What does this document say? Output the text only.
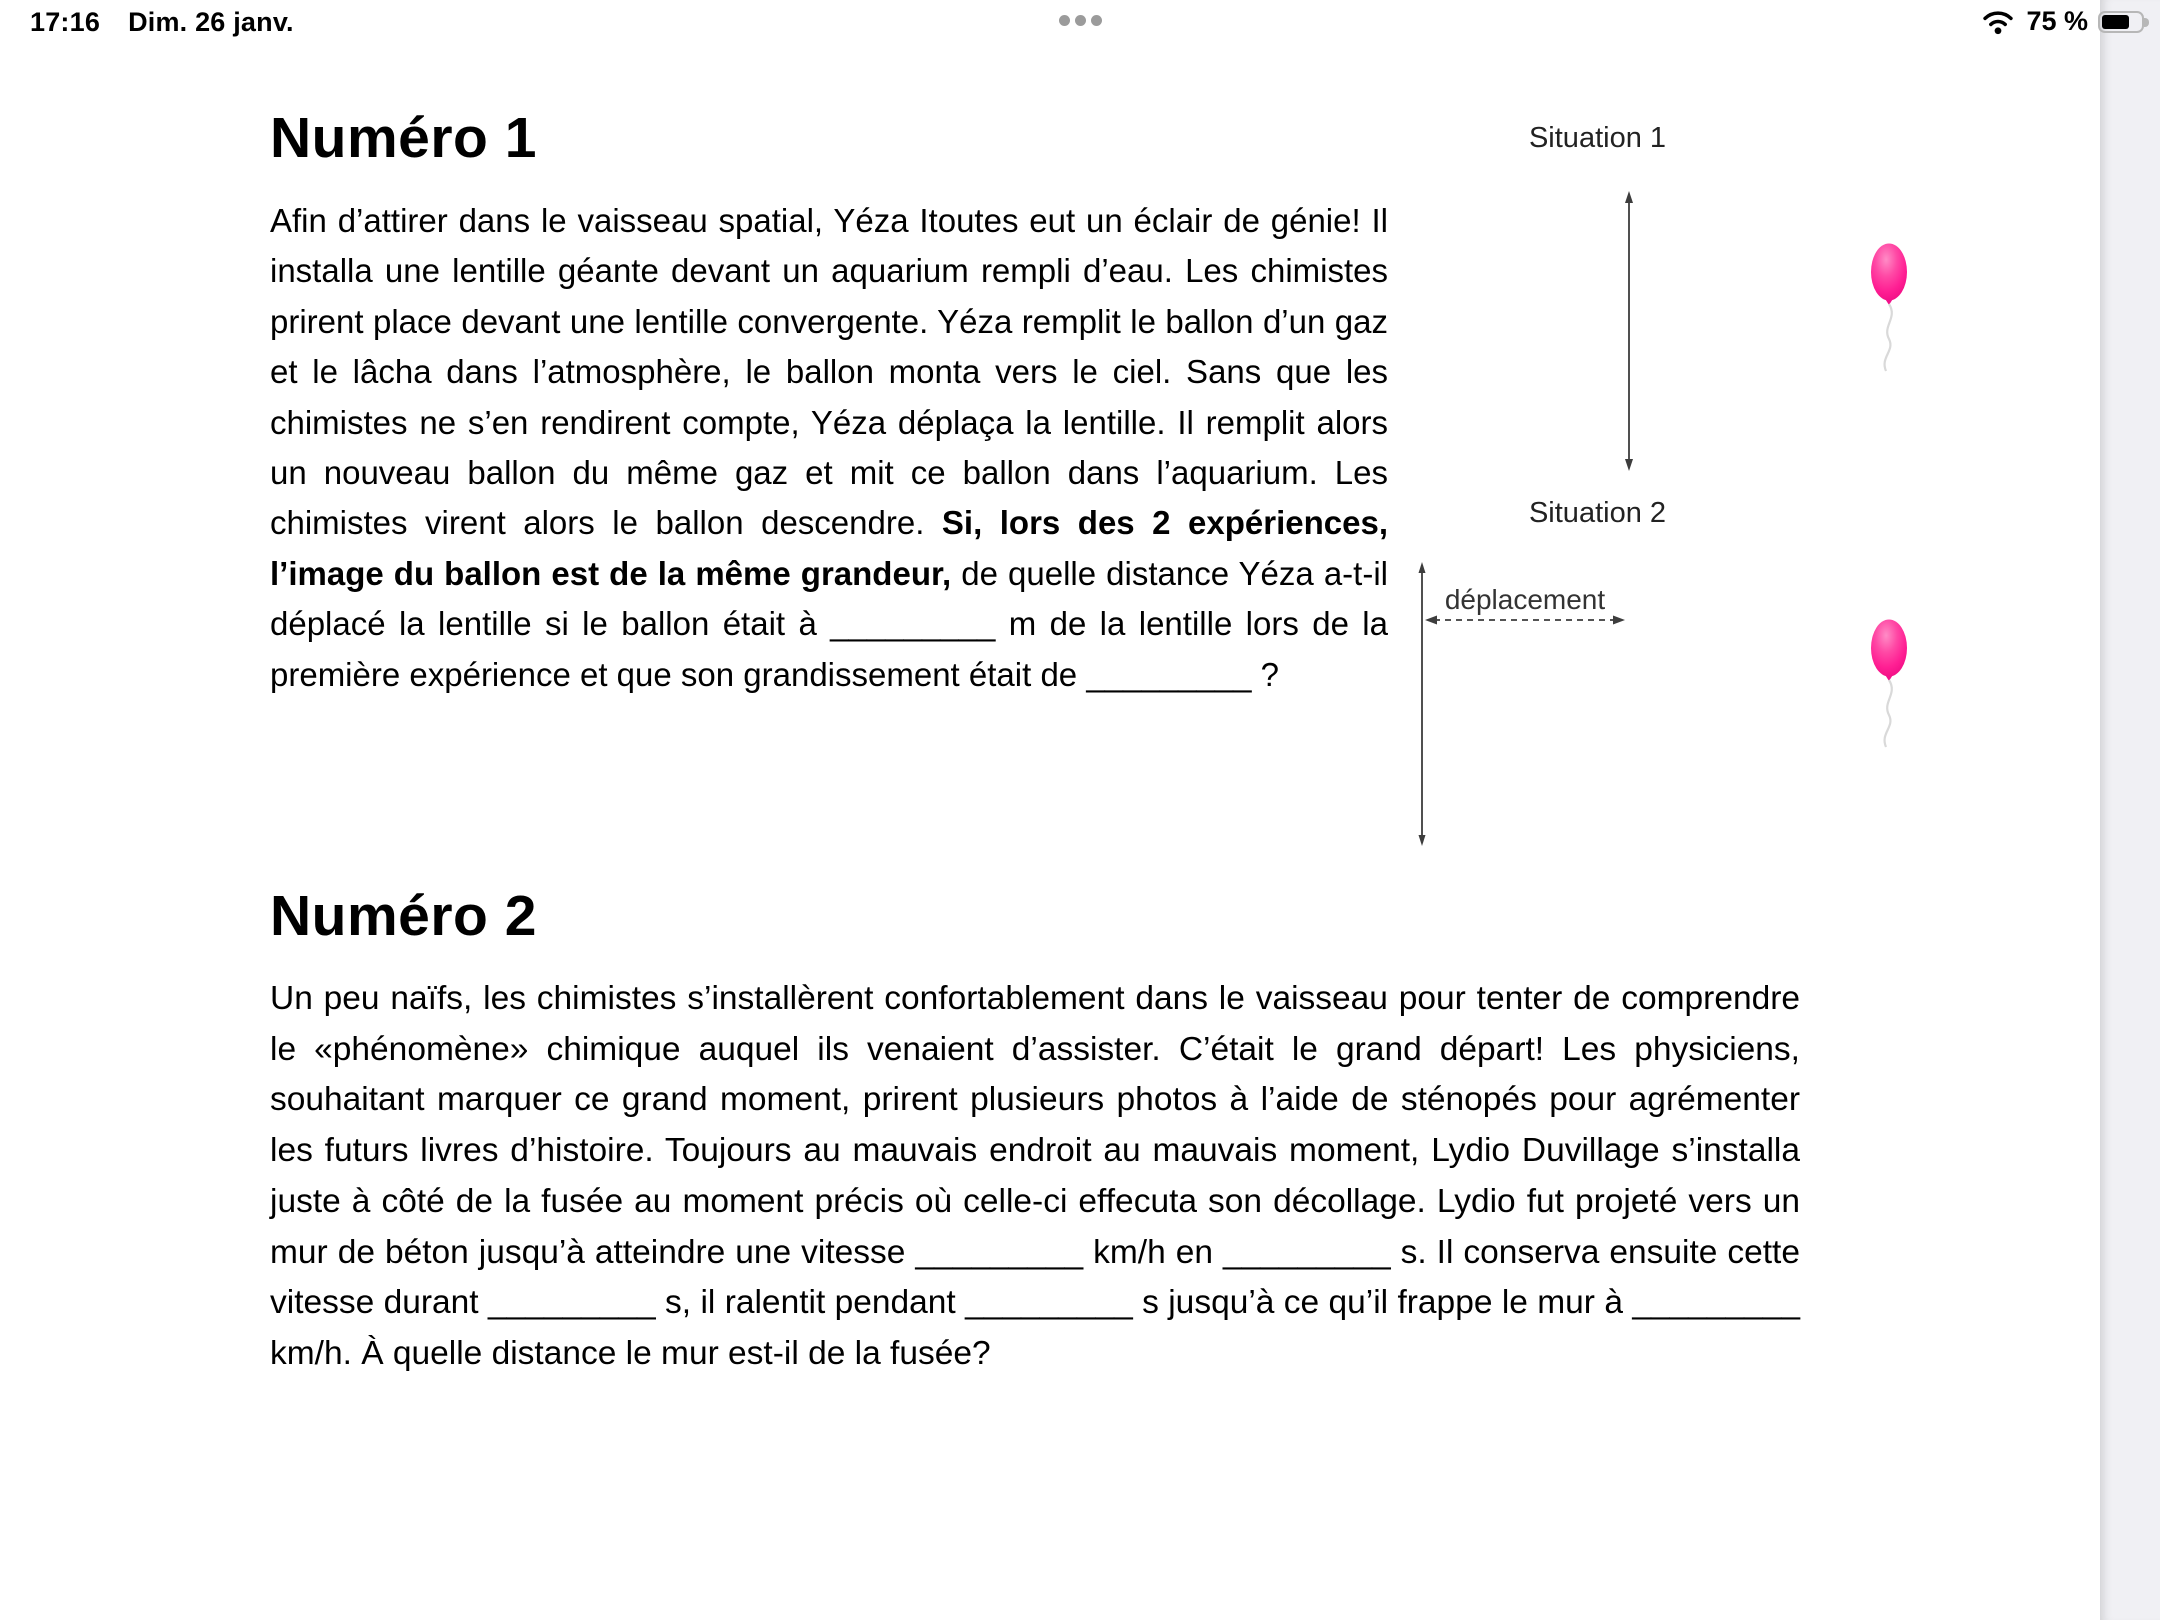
17:16 Dim. 26 janv.	75 %
Numéro 1

Afin d’attirer dans le vaisseau spatial, Yéza Itoutes eut un éclair de génie! Il installa une lentille géante devant un aquarium rempli d’eau. Les chimistes prirent place devant une lentille convergente. Yéza remplit le ballon d’un gaz et le lâcha dans l’atmosphère, le ballon monta vers le ciel. Sans que les chimistes ne s’en rendirent compte, Yéza déplaça la lentille. Il remplit alors un nouveau ballon du même gaz et mit ce ballon dans l’aquarium. Les chimistes virent alors le ballon descendre. Si, lors des 2 expériences, l’image du ballon est de la même grandeur, de quelle distance Yéza a-t-il déplacé la lentille si le ballon était à _________ m de la lentille lors de la première expérience et que son grandissement était de _________ ?

Numéro 2

Un peu naïfs, les chimistes s’installèrent confortablement dans le vaisseau pour tenter de comprendre le «phénomène» chimique auquel ils venaient d’assister. C’était le grand départ! Les physiciens, souhaitant marquer ce grand moment, prirent plusieurs photos à l’aide de sténopés pour agrémenter les futurs livres d’histoire. Toujours au mauvais endroit au mauvais moment, Lydio Duvillage s’installa juste à côté de la fusée au moment précis où celle-ci effecuta son décollage. Lydio fut projeté vers un mur de béton jusqu’à atteindre une vitesse _________ km/h en _________ s. Il conserva ensuite cette vitesse durant _________ s, il ralentit pendant _________ s jusqu’à ce qu’il frappe le mur à _________ km/h. À quelle distance le mur est-il de la fusée?

Situation 1
Situation 2
déplacement
